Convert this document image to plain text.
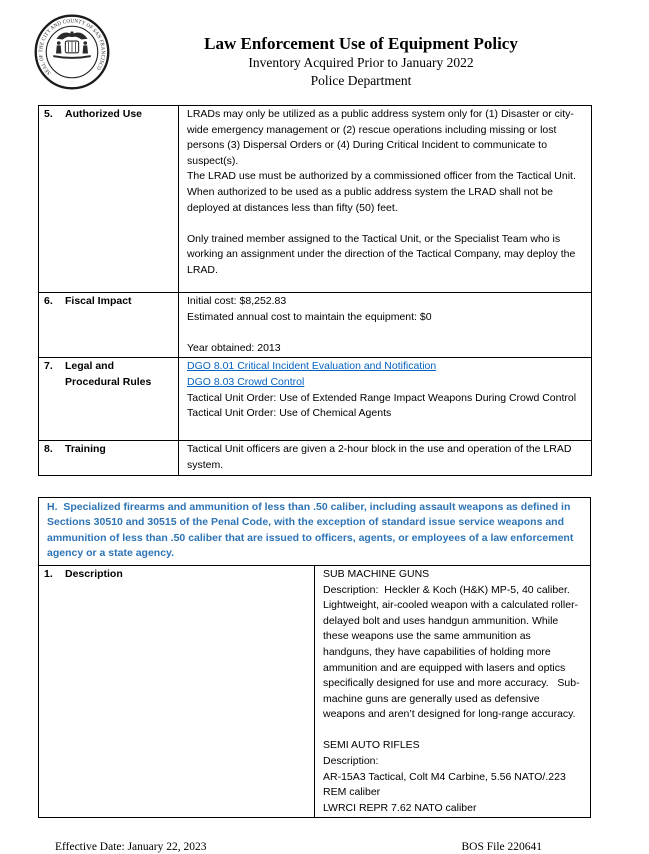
SEAL OF THE CITY AND COUNTY OF SAN FRANCISCO
Law Enforcement Use of Equipment Policy
Inventory Acquired Prior to January 2022
Police Department
5. Authorized Use	LRADs may only be utilized as a public address system only for (1) Disaster or city-wide emergency management or (2) rescue operations including missing or lost persons (3) Dispersal Orders or (4) During Critical Incident to communicate to suspect(s).

The LRAD use must be authorized by a commissioned officer from the Tactical Unit.

When authorized to be used as a public address system the LRAD shall not be deployed at distances less than fifty (50) feet.

Only trained member assigned to the Tactical Unit, or the Specialist Team who is working an assignment under the direction of the Tactical Company, may deploy the LRAD.

6. Fiscal Impact	Initial cost: $8,252.83

Estimated annual cost to maintain the equipment: $0

Year obtained: 2013

7. Legal and Procedural Rules	DGO 8.01 Critical Incident Evaluation and Notification

DGO 8.03 Crowd Control

Tactical Unit Order: Use of Extended Range Impact Weapons During Crowd Control

Tactical Unit Order: Use of Chemical Agents

8. Training	Tactical Unit officers are given a 2-hour block in the use and operation of the LRAD system.

H.  Specialized firearms and ammunition of less than .50 caliber, including assault weapons as defined in Sections 30510 and 30515 of the Penal Code, with the exception of standard issue service weapons and ammunition of less than .50 caliber that are issued to officers, agents, or employees of a law enforcement agency or a state agency.
1. Description	SUB MACHINE GUNS

Description:  Heckler & Koch (H&K) MP-5, 40 caliber.

Lightweight, air-cooled weapon with a calculated roller-delayed bolt and uses handgun ammunition. While these weapons use the same ammunition as handguns, they have capabilities of holding more ammunition and are equipped with lasers and optics specifically designed for use and more accuracy.   Sub-machine guns are generally used as defensive weapons and aren’t designed for long-range accuracy.

SEMI AUTO RIFLES

Description:

AR-15A3 Tactical, Colt M4 Carbine, 5.56 NATO/.223 REM caliber

LWRCI REPR 7.62 NATO caliber

Effective Date: January 22, 2023	BOS File 220641
